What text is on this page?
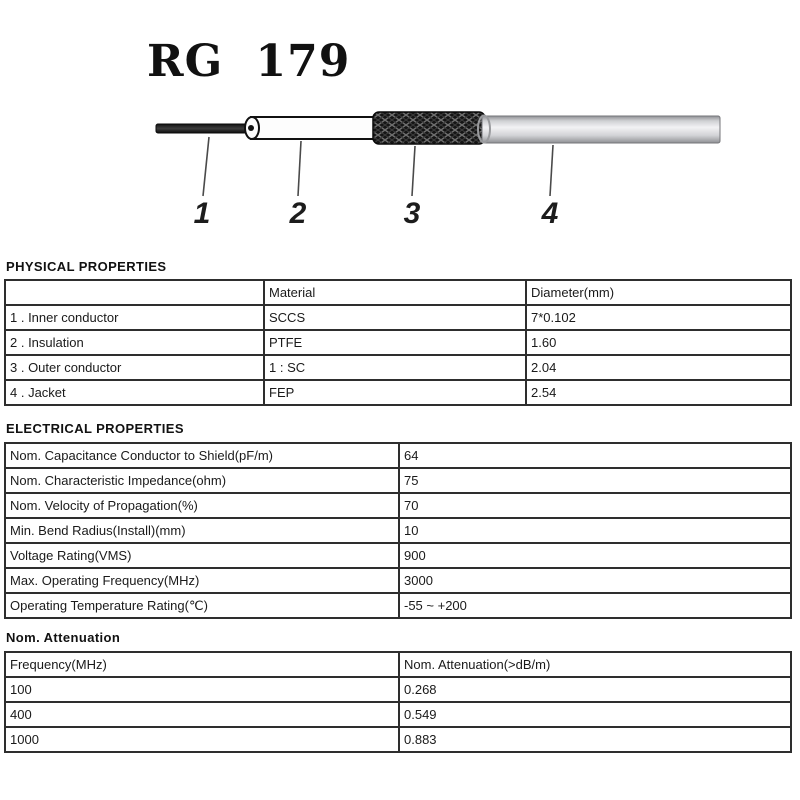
RG 179
1	2	3	4
PHYSICAL PROPERTIES
	Material	Diameter(mm)
1 . Inner conductor	SCCS	7*0.102
2 . Insulation	PTFE	1.60
3 . Outer conductor	1 : SC	2.04
4 . Jacket	FEP	2.54
ELECTRICAL PROPERTIES
Nom. Capacitance Conductor to Shield(pF/m)	64
Nom. Characteristic Impedance(ohm)	75
Nom. Velocity of Propagation(%)	70
Min. Bend Radius(Install)(mm)	10
Voltage Rating(VMS)	900
Max. Operating Frequency(MHz)	3000
Operating Temperature Rating(℃)	-55 ~ +200
Nom. Attenuation
Frequency(MHz)	Nom. Attenuation(>dB/m)
100	0.268
400	0.549
1000	0.883
